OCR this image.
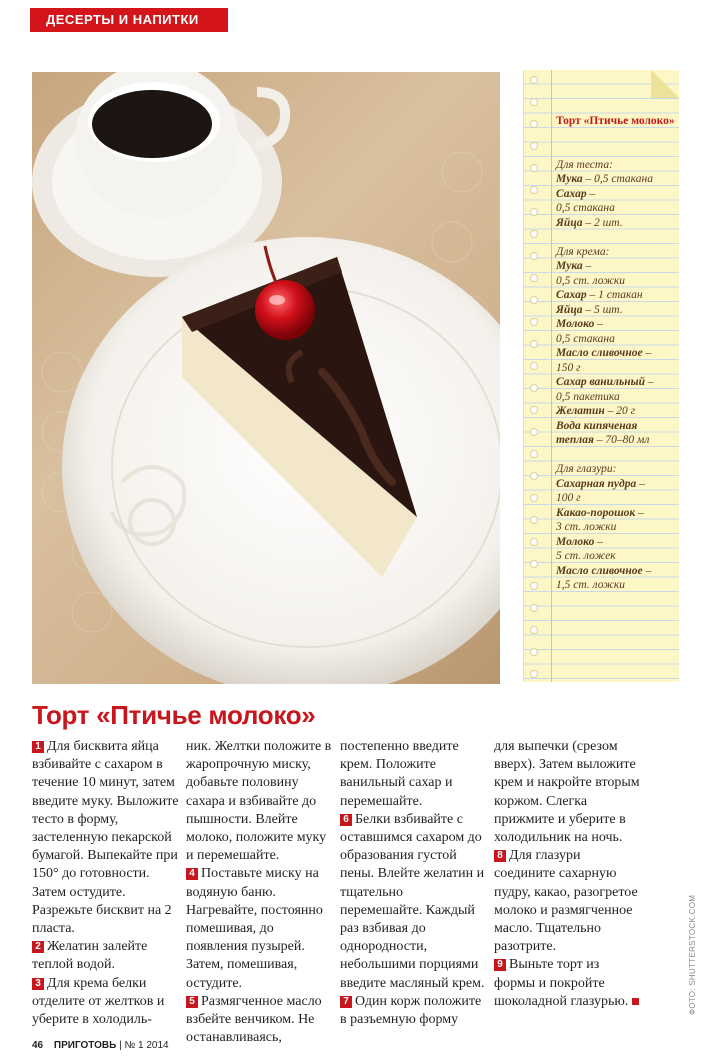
ДЕСЕРТЫ И НАПИТКИ
Торт «Птичье молоко»
Для теста:
Мука – 0,5 стакана
Сахар –
0,5 стакана
Яйца – 2 шт.
Для крема:
Мука –
0,5 ст. ложки
Сахар – 1 стакан
Яйца – 5 шт.
Молоко –
0,5 стакана
Масло сливочное –
150 г
Сахар ванильный –
0,5 пакетика
Желатин – 20 г
Вода кипяченая
теплая – 70–80 мл
Для глазури:
Сахарная пудра –
100 г
Какао-порошок –
3 ст. ложки
Молоко –
5 ст. ложек
Масло сливочное –
1,5 ст. ложки
Торт «Птичье молоко»
1 Для бисквита яйца взбивайте с сахаром в течение 10 минут, затем введите муку. Выложите тесто в форму, застеленную пекарской бумагой. Выпекайте при 150° до готовности. Затем остудите. Разрежьте бисквит на 2 пласта.
2 Желатин залейте теплой водой.
3 Для крема белки отделите от желтков и уберите в холодиль-
ник. Желтки положите в жаропрочную миску, добавьте половину сахара и взбивайте до пышности. Влейте молоко, положите муку и перемешайте.
4 Поставьте миску на водяную баню. Нагревайте, постоянно помешивая, до появления пузырей. Затем, помешивая, остудите.
5 Размягченное масло взбейте венчиком. Не останавливаясь,
постепенно введите крем. Положите ванильный сахар и перемешайте.
6 Белки взбивайте с оставшимся сахаром до образования густой пены. Влейте желатин и тщательно перемешайте. Каждый раз взбивая до однородности, небольшими порциями введите масляный крем.
7 Один корж положите в разъемную форму
для выпечки (срезом вверх). Затем выложите крем и накройте вторым коржом. Слегка прижмите и уберите в холодильник на ночь.
8 Для глазури соедините сахарную пудру, какао, разогретое молоко и размягченное масло. Тщательно разотрите.
9 Выньте торт из формы и покройте шоколадной глазурью.	ФОТО: SHUTTERSTOCK.COM
46 ПРИГОТОВЬ | № 1 2014
